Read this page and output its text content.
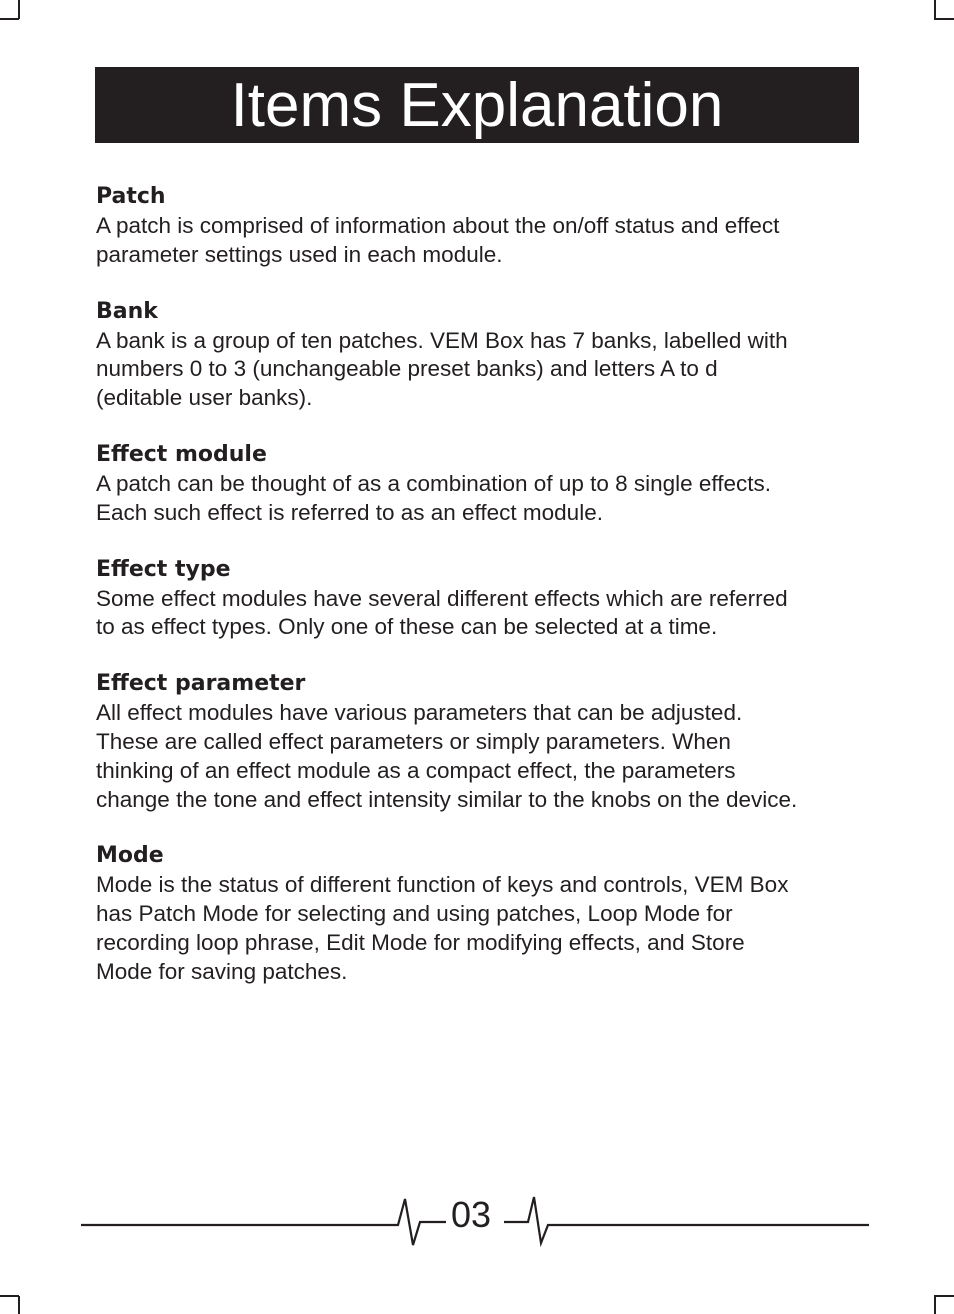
Items Explanation

Patch

A patch is comprised of information about the on/off status and effect
parameter settings used in each module.

Bank

A bank is a group of ten patches. VEM Box has 7 banks, labelled with
numbers 0 to 3 (unchangeable preset banks) and letters A to d
(editable user banks).

Effect module

A patch can be thought of as a combination of up to 8 single effects.
Each such effect is referred to as an effect module.

Effect type

Some effect modules have several different effects which are referred
to as effect types. Only one of these can be selected at a time.

Effect parameter

All effect modules have various parameters that can be adjusted.
These are called effect parameters or simply parameters. When
thinking of an effect module as a compact effect, the parameters
change the tone and effect intensity similar to the knobs on the device.

Mode

Mode is the status of different function of keys and controls, VEM Box
has Patch Mode for selecting and using patches, Loop Mode for
recording loop phrase, Edit Mode for modifying effects, and Store
Mode for saving patches.

03
